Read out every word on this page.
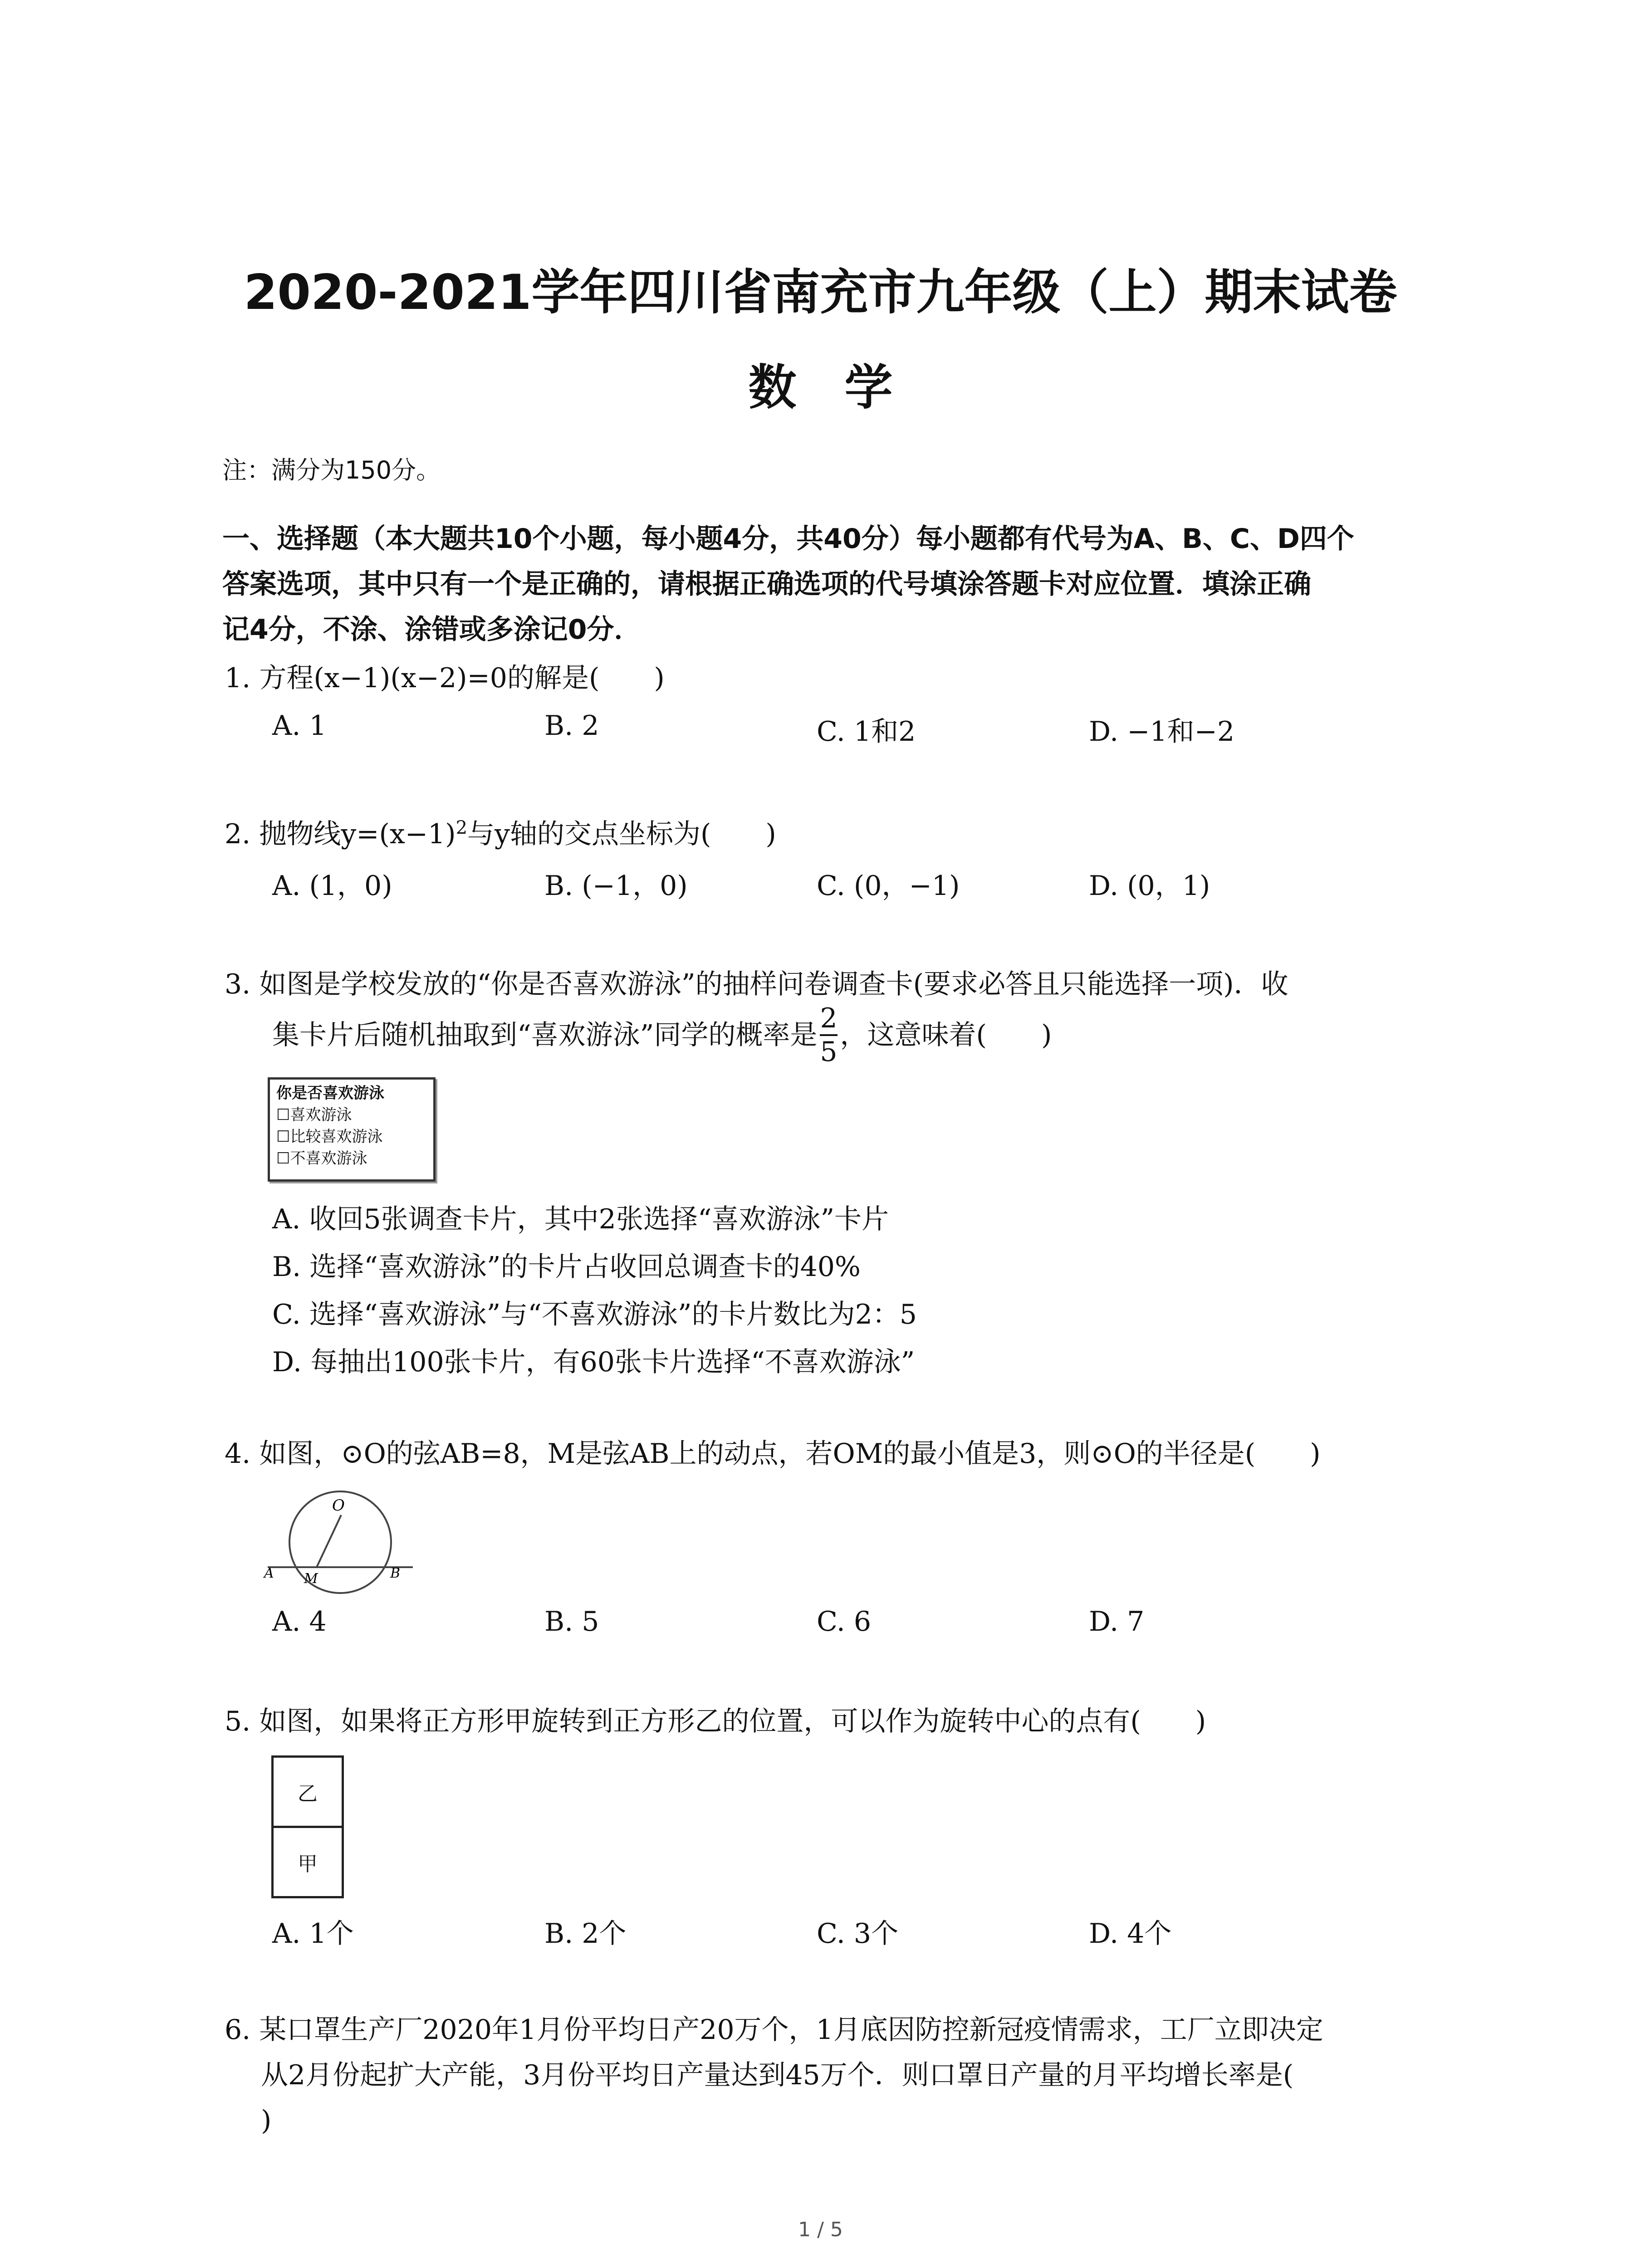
2020-2021学年四川省南充市九年级（上）期末试卷
数　学
注：满分为150分。
一、选择题（本大题共10个小题，每小题4分，共40分）每小题都有代号为A、B、C、D四个
答案选项，其中只有一个是正确的，请根据正确选项的代号填涂答题卡对应位置．填涂正确
记4分，不涂、涂错或多涂记0分．
1. 方程(x−1)(x−2)=0的解是(　　)
A. 1	B. 2	C. 1和2	D. −1和−2
2. 抛物线$y=(x-1)^2$与y轴的交点坐标为(　　)
A. (1，0)	B. (−1，0)	C. (0，−1)	D. (0，1)
3. 如图是学校发放的“你是否喜欢游泳”的抽样问卷调查卡(要求必答且只能选择一项)．收
集卡片后随机抽取到“喜欢游泳”同学的概率是 $\frac{2}{5}$ ，这意味着(　　)
你是否喜欢游泳
☐喜欢游泳
☐比较喜欢游泳
☐不喜欢游泳
A. 收回5张调查卡片，其中2张选择“喜欢游泳”卡片
B. 选择“喜欢游泳”的卡片占收回总调查卡的40%
C. 选择“喜欢游泳”与“不喜欢游泳”的卡片数比为2：5
D. 每抽出100张卡片，有60张卡片选择“不喜欢游泳”
4. 如图，⊙O的弦AB=8，M是弦AB上的动点，若OM的最小值是3，则⊙O的半径是(　　)
O
A M	B
A. 4	B. 5	C. 6	D. 7
5. 如图，如果将正方形甲旋转到正方形乙的位置，可以作为旋转中心的点有(　　)
乙
甲
A. 1个	B. 2个	C. 3个	D. 4个
6. 某口罩生产厂2020年1月份平均日产20万个，1月底因防控新冠疫情需求，工厂立即决定
从2月份起扩大产能，3月份平均日产量达到45万个．则口罩日产量的月平均增长率是(
)
1 / 5
